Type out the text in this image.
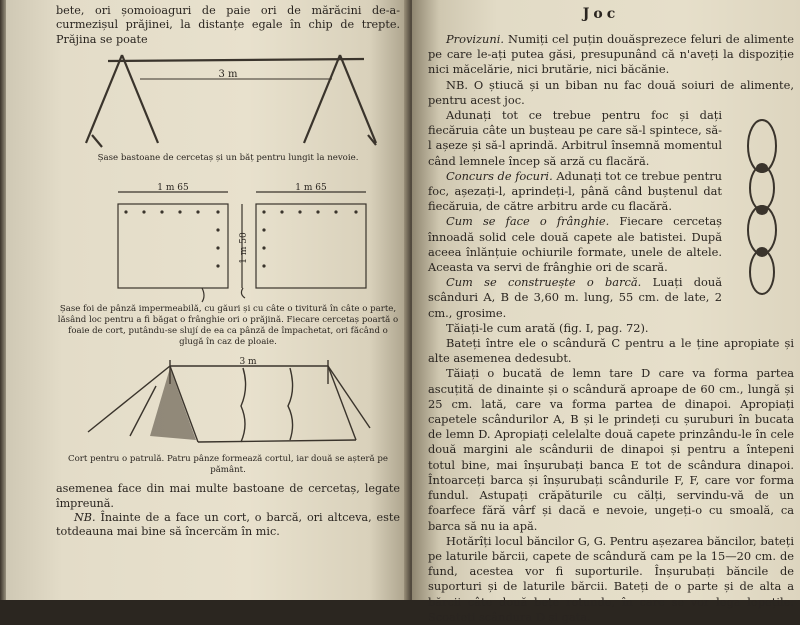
bete, ori șomoioaguri de paie ori de mărăcini de-a-curmezișul prăjinei, la distanțe egale în chip de trepte. Prăjina se poate

3 m

Șase bastoane de cercetaș și un băț pentru lungit la nevoie.

1 m 65	1 m 65
1 m 50

Șase foi de pânză impermeabilă, cu găuri și cu câte o tivitură în câte o parte, lăsând loc pentru a fi băgat o frânghie ori o prăjină. Fiecare cercetaș poartă o foaie de cort, putându-se slují de ea ca pânză de împachetat, ori făcând o glugă în caz de ploaie.

3 m

Cort pentru o patrulă. Patru pânze formează cortul, iar două se așteră pe pământ.

asemenea face din mai multe bastoane de cercetaș, legate împreună.

NB. Înainte de a face un cort, o barcă, ori altceva, este totdeauna mai bine să încercăm în mic.

Joc

Provizuni. Numiți cel puțin douăsprezece feluri de alimente pe care le-ați putea găsi, presupunând că n'aveți la dispoziție nici măcelărie, nici brutărie, nici băcănie.

NB. O știucă și un biban nu fac două soiuri de alimente, pentru acest joc.

Adunați tot ce trebue pentru foc și dați fiecăruia câte un bușteau pe care să-l spintece, să-l așeze și să-l aprindă. Arbitrul însemnă momentul când lemnele încep să arză cu flacără.

Concurs de focuri. Adunați tot ce trebue pentru foc, așezați-l, aprindeți-l, până când buștenul dat fiecăruia, de către arbitru arde cu flacără.

Cum se face o frânghie. Fiecare cercetaș înnoadă solid cele două capete ale batistei. După aceea înlănțuie ochiurile formate, unele de altele. Aceasta va servi de frânghie ori de scară.

Cum se construește o barcă. Luați două scânduri A, B de 3,60 m. lung, 55 cm. de late, 2 cm., grosime.

Tăiați-le cum arată (fig. I, pag. 72).

Bateți între ele o scândură C pentru a le ține apropiate și alte asemenea dedesubt.

Tăiați o bucată de lemn tare D care va forma partea ascuțită de dinainte și o scândură aproape de 60 cm., lungă și 25 cm. lată, care va forma partea de dinapoi. Apropiați capetele scândurilor A, B și le prindeți cu șuruburi în bucata de lemn D. Apropiați celelalte două capete prinzându-le în cele două margini ale scândurii de dinapoi și pentru a întepeni totul bine, mai înșurubați banca E tot de scândura dinapoi. Întoarceți barca și înșurubați scândurile F, F, care vor forma fundul. Astupați crăpăturile cu călți, servindu-vă de un foarfece fără vârf și dacă e nevoie, ungeți-o cu smoală, ca barca să nu ia apă.

Hotărîți locul băncilor G, G. Pentru așezarea băncilor, bateți pe laturile bărcii, capete de scândură cam pe la 15—20 cm. de fund, acestea vor fi suporturile. Înșurubați băncile de suporturi și de laturile bărcii. Bateți de o parte și de alta a bărcii câte două bețe rotunde, în care se vor lega lopețile. Scoateți scândura D și gata.
